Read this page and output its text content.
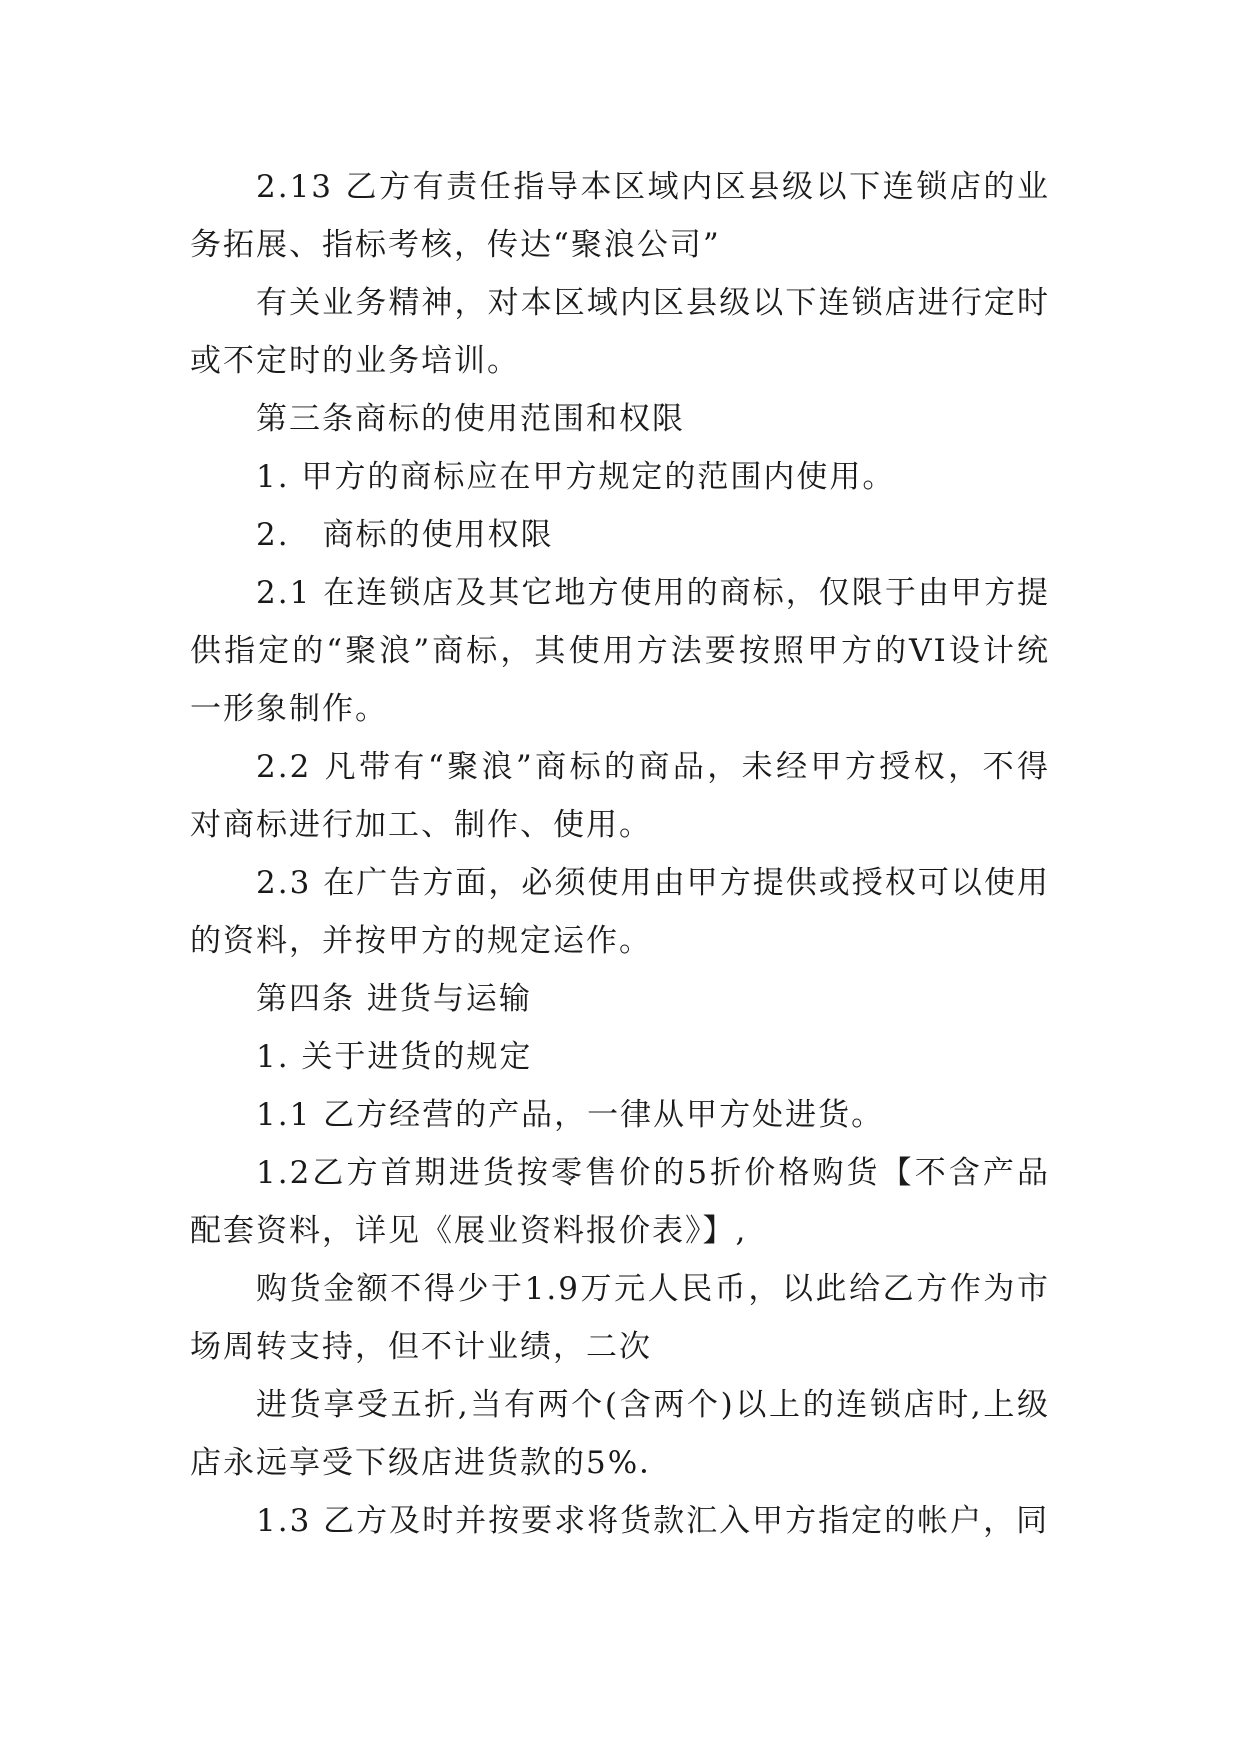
2.13 乙方有责任指导本区域内区县级以下连锁店的业务拓展、指标考核，传达“聚浪公司”

有关业务精神，对本区域内区县级以下连锁店进行定时或不定时的业务培训。

第三条商标的使用范围和权限

1. 甲方的商标应在甲方规定的范围内使用。

2.　商标的使用权限

2.1 在连锁店及其它地方使用的商标，仅限于由甲方提供指定的“聚浪”商标，其使用方法要按照甲方的VI设计统一形象制作。

2.2 凡带有“聚浪”商标的商品，未经甲方授权，不得对商标进行加工、制作、使用。

2.3 在广告方面，必须使用由甲方提供或授权可以使用的资料，并按甲方的规定运作。

第四条 进货与运输

1. 关于进货的规定

1.1 乙方经营的产品，一律从甲方处进货。

1.2乙方首期进货按零售价的5折价格购货【不含产品配套资料，详见《展业资料报价表》】,

购货金额不得少于1.9万元人民币，以此给乙方作为市场周转支持，但不计业绩，二次

进货享受五折,当有两个(含两个)以上的连锁店时,上级店永远享受下级店进货款的5%．

1.3 乙方及时并按要求将货款汇入甲方指定的帐户，同
